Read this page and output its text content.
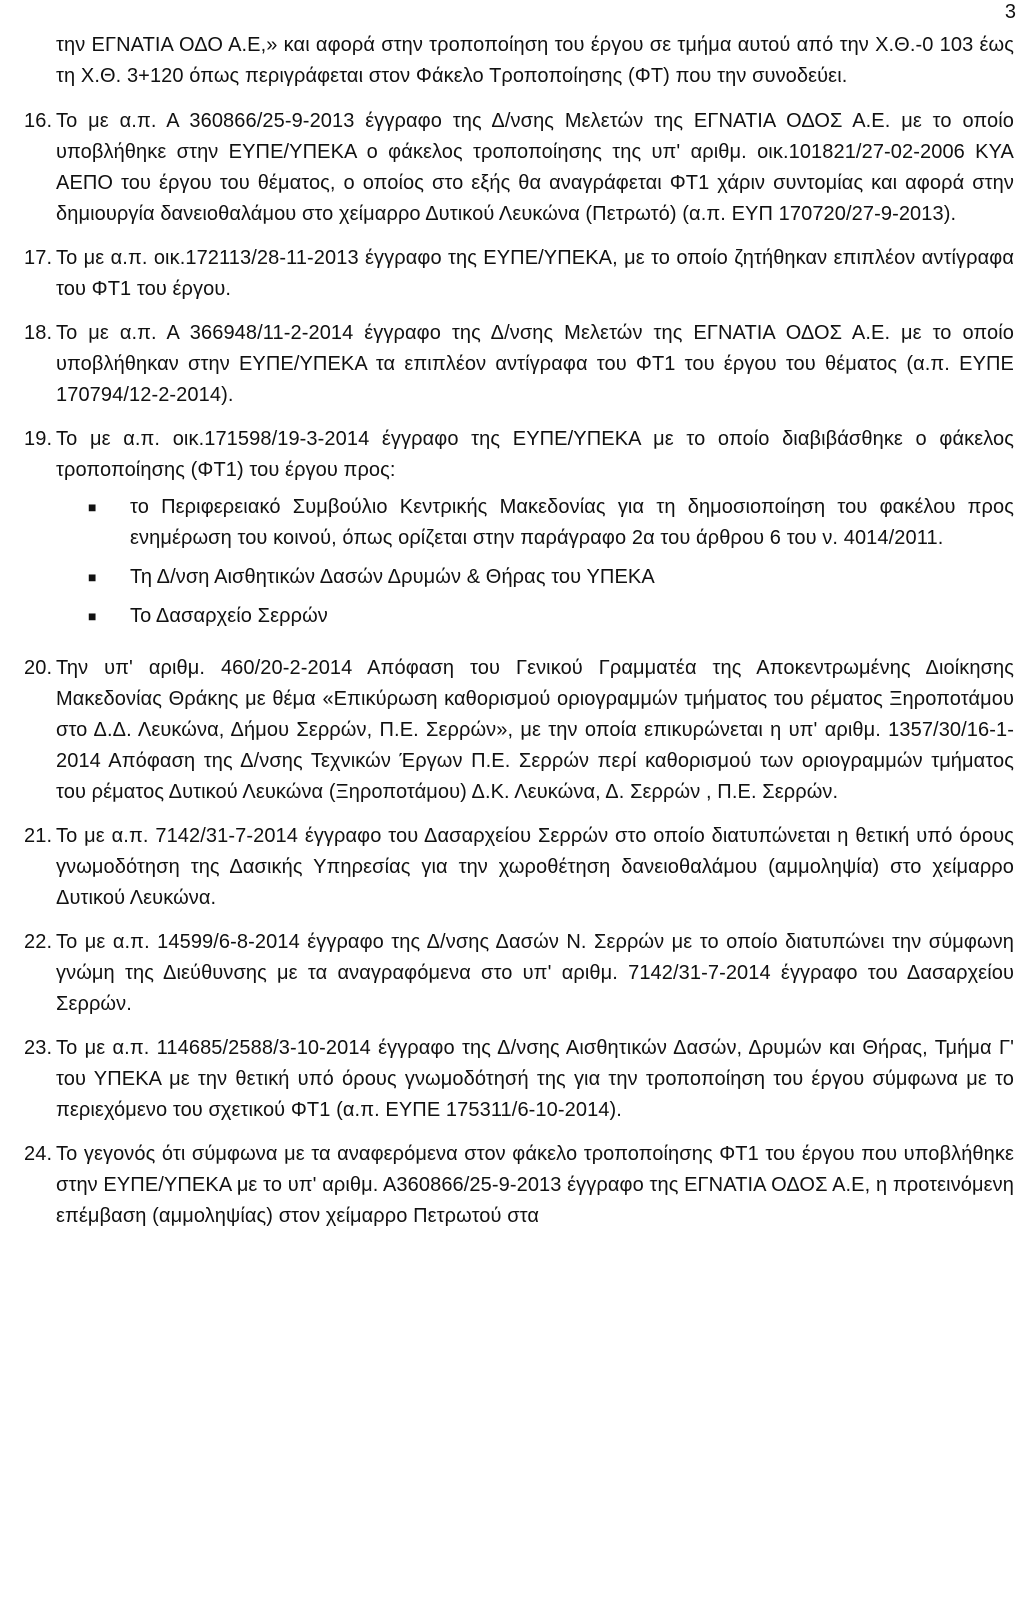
3

την ΕΓΝΑΤΙΑ ΟΔΟ Α.Ε,» και αφορά στην τροποποίηση του έργου σε τμήμα αυτού από την Χ.Θ.-0 103 έως τη Χ.Θ. 3+120 όπως περιγράφεται στον Φάκελο Τροποποίησης (ΦΤ) που την συνοδεύει.

16. Το με α.π. Α 360866/25-9-2013 έγγραφο της Δ/νσης Μελετών της ΕΓΝΑΤΙΑ ΟΔΟΣ Α.Ε. με το οποίο υποβλήθηκε στην ΕΥΠΕ/ΥΠΕΚΑ ο φάκελος τροποποίησης της υπ' αριθμ. οικ.101821/27-02-2006 ΚΥΑ ΑΕΠΟ του έργου του θέματος, ο οποίος στο εξής θα αναγράφεται ΦΤ1 χάριν συντομίας και αφορά στην δημιουργία δανειοθαλάμου στο χείμαρρο Δυτικού Λευκώνα (Πετρωτό) (α.π. ΕΥΠ 170720/27-9-2013).
17. Το με α.π. οικ.172113/28-11-2013 έγγραφο της ΕΥΠΕ/ΥΠΕΚΑ, με το οποίο ζητήθηκαν επιπλέον αντίγραφα του ΦΤ1 του έργου.
18. Το με α.π. Α 366948/11-2-2014 έγγραφο της Δ/νσης Μελετών της ΕΓΝΑΤΙΑ ΟΔΟΣ Α.Ε. με το οποίο υποβλήθηκαν στην ΕΥΠΕ/ΥΠΕΚΑ τα επιπλέον αντίγραφα του ΦΤ1 του έργου του θέματος (α.π. ΕΥΠΕ 170794/12-2-2014).
19. Το με α.π. οικ.171598/19-3-2014 έγγραφο της ΕΥΠΕ/ΥΠΕΚΑ με το οποίο διαβιβάσθηκε ο φάκελος τροποποίησης (ΦΤ1) του έργου προς:
■	το Περιφερειακό Συμβούλιο Κεντρικής Μακεδονίας για τη δημοσιοποίηση του φακέλου προς ενημέρωση του κοινού, όπως ορίζεται στην παράγραφο 2α του άρθρου 6 του ν. 4014/2011.
■	Τη Δ/νση Αισθητικών Δασών Δρυμών & Θήρας του ΥΠΕΚΑ
■	Το Δασαρχείο Σερρών
20. Την υπ' αριθμ. 460/20-2-2014 Απόφαση του Γενικού Γραμματέα της Αποκεντρωμένης Διοίκησης Μακεδονίας Θράκης με θέμα «Επικύρωση καθορισμού οριογραμμών τμήματος του ρέματος Ξηροποτάμου στο Δ.Δ. Λευκώνα, Δήμου Σερρών, Π.Ε. Σερρών», με την οποία επικυρώνεται η υπ' αριθμ. 1357/30/16-1-2014 Απόφαση της Δ/νσης Τεχνικών Έργων Π.Ε. Σερρών περί καθορισμού των οριογραμμών τμήματος του ρέματος Δυτικού Λευκώνα (Ξηροποτάμου) Δ.Κ. Λευκώνα, Δ. Σερρών , Π.Ε. Σερρών.
21. Το με α.π. 7142/31-7-2014 έγγραφο του Δασαρχείου Σερρών στο οποίο διατυπώνεται η θετική υπό όρους γνωμοδότηση της Δασικής Υπηρεσίας για την χωροθέτηση δανειοθαλάμου (αμμοληψία) στο χείμαρρο Δυτικού Λευκώνα.
22. Το με α.π. 14599/6-8-2014 έγγραφο της Δ/νσης Δασών Ν. Σερρών με το οποίο διατυπώνει την σύμφωνη γνώμη της Διεύθυνσης με τα αναγραφόμενα στο υπ' αριθμ. 7142/31-7-2014 έγγραφο του Δασαρχείου Σερρών.
23. Το με α.π. 114685/2588/3-10-2014 έγγραφο της Δ/νσης Αισθητικών Δασών, Δρυμών και Θήρας, Τμήμα Γ' του ΥΠΕΚΑ με την θετική υπό όρους γνωμοδότησή της για την τροποποίηση του έργου σύμφωνα με το περιεχόμενο του σχετικού ΦΤ1 (α.π. ΕΥΠΕ 175311/6-10-2014).
24. Το γεγονός ότι σύμφωνα με τα αναφερόμενα στον φάκελο τροποποίησης ΦΤ1 του έργου που υποβλήθηκε στην ΕΥΠΕ/ΥΠΕΚΑ με το υπ' αριθμ. Α360866/25-9-2013 έγγραφο της ΕΓΝΑΤΙΑ ΟΔΟΣ Α.Ε, η προτεινόμενη επέμβαση (αμμοληψίας) στον χείμαρρο Πετρωτού στα
